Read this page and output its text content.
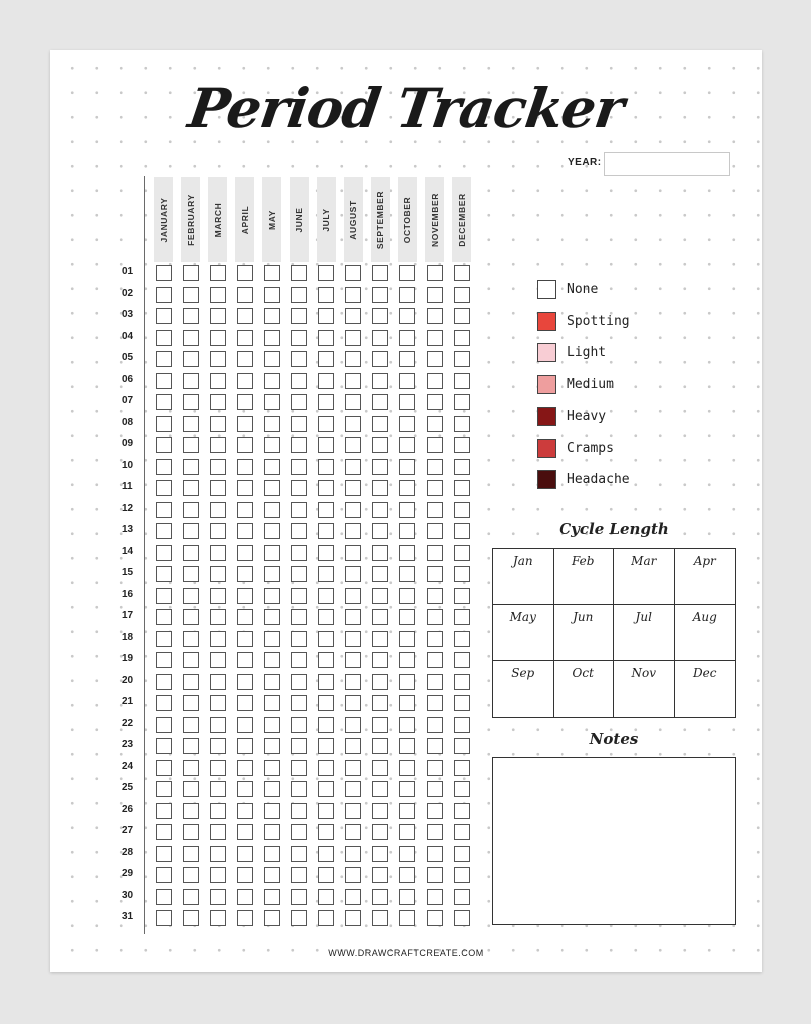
Period Tracker
YEAR:
JANUARY FEBRUARY MARCH APRIL MAY JUNE JULY AUGUST SEPTEMBER OCTOBER NOVEMBER DECEMBER
01
02
03
04
05
06
07
08
09
10
11
12
13
14
15
16
17
18
19
20
21
22
23
24
25
26
27
28
29
30
31
None
Spotting
Light
Medium
Heavy
Cramps
Headache
Cycle Length
Jan	Feb	Mar	Apr
May	Jun	Jul	Aug
Sep	Oct	Nov	Dec
Notes
WWW.DRAWCRAFTCREATE.COM
